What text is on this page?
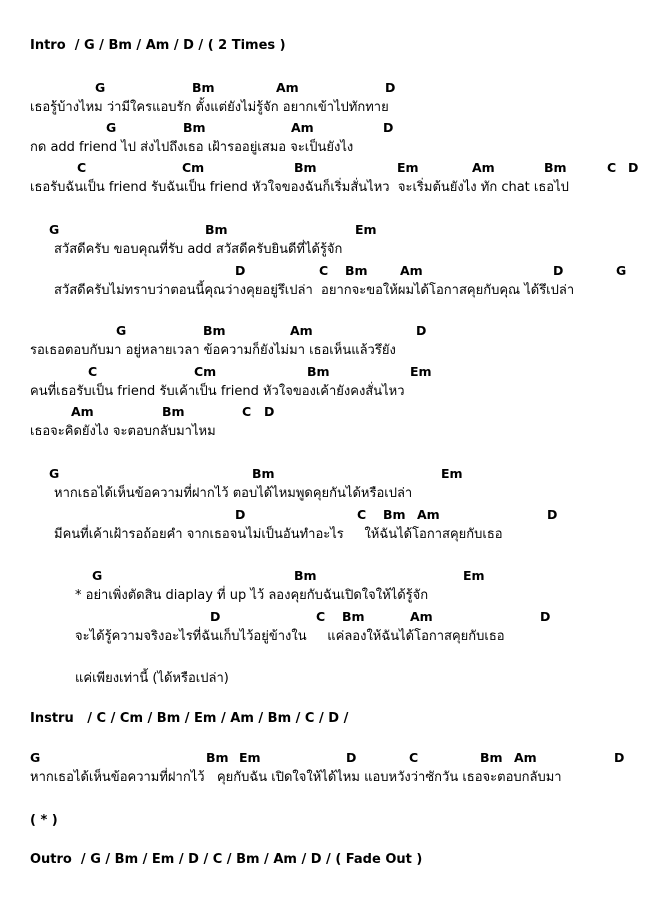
Intro  / G / Bm / Am / D / ( 2 Times )
G	Bm	Am	D
เธอรู้บ้างไหม ว่ามีใครแอบรัก ตั้งแต่ยังไม่รู้จัก อยากเข้าไปทักทาย
G	Bm	Am	D
กด add friend ไป ส่งไปถึงเธอ เฝ้ารออยู่เสมอ จะเป็นยังไง
C	Cm	Bm	Em	Am	Bm	C D
เธอรับฉันเป็น friend รับฉันเป็น friend หัวใจของฉันก็เริ่มสั่นไหว  จะเริ่มต้นยังไง ทัก chat เธอไป
G	Bm	Em
สวัสดีครับ ขอบคุณที่รับ add สวัสดีครับยินดีที่ได้รู้จัก
D	C Bm	Am	D	G
สวัสดีครับไม่ทราบว่าตอนนี้คุณว่างคุยอยู่รึเปล่า  อยากจะขอให้ผมได้โอกาสคุยกับคุณ ได้รึเปล่า
G	Bm	Am	D
รอเธอตอบกับมา อยู่หลายเวลา ข้อความก็ยังไม่มา เธอเห็นแล้วรึยัง
C	Cm	Bm	Em
คนที่เธอรับเป็น friend รับเค้าเป็น friend หัวใจของเค้ายังคงสั่นไหว
Am	Bm	C D
เธอจะคิดยังไง จะตอบกลับมาไหม
G	Bm	Em
หากเธอได้เห็นข้อความที่ฝากไว้ ตอบได้ไหมพูดคุยกันได้หรือเปล่า
D	C Bm Am	D
มีคนที่เค้าเฝ้ารอถ้อยคำ จากเธอจนไม่เป็นอันทำอะไร     ให้ฉันได้โอกาสคุยกับเธอ
G	Bm	Em
* อย่าเพิ่งตัดสิน diaplay ที่ up ไว้ ลองคุยกับฉันเปิดใจให้ได้รู้จัก
D	C Bm	Am	D
จะได้รู้ความจริงอะไรที่ฉันเก็บไว้อยู่ข้างใน     แค่ลองให้ฉันได้โอกาสคุยกับเธอ
แค่เพียงเท่านี้ (ได้หรือเปล่า)
Instru   / C / Cm / Bm / Em / Am / Bm / C / D /
G	Bm Em	D	C	Bm Am	D
หากเธอได้เห็นข้อความที่ฝากไว้   คุยกับฉัน เปิดใจให้ได้ไหม แอบหวังว่าซักวัน เธอจะตอบกลับมา
( * )
Outro  / G / Bm / Em / D / C / Bm / Am / D / ( Fade Out )
